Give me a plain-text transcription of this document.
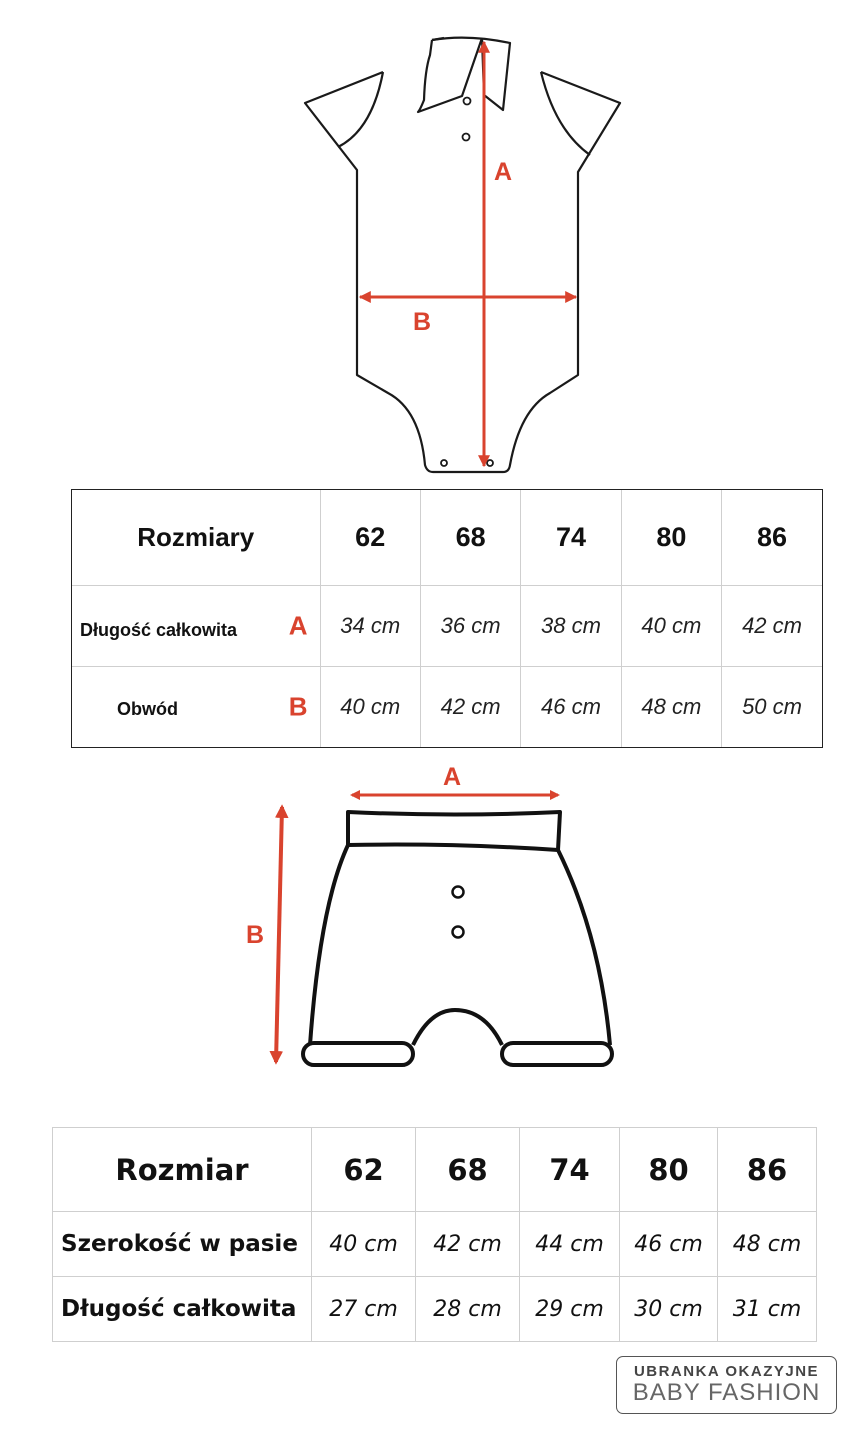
A
B
Rozmiary	62	68	74	80	86

Długość całkowita A	34 cm	36 cm	38 cm	40 cm	42 cm

Obwód B	40 cm	42 cm	46 cm	48 cm	50 cm
A
B
Rozmiar	62	68	74	80	86
Szerokość w pasie	40 cm	42 cm	44 cm	46 cm	48 cm
Długość całkowita	27 cm	28 cm	29 cm	30 cm	31 cm
UBRANKA OKAZYJNE
BABY FASHION
